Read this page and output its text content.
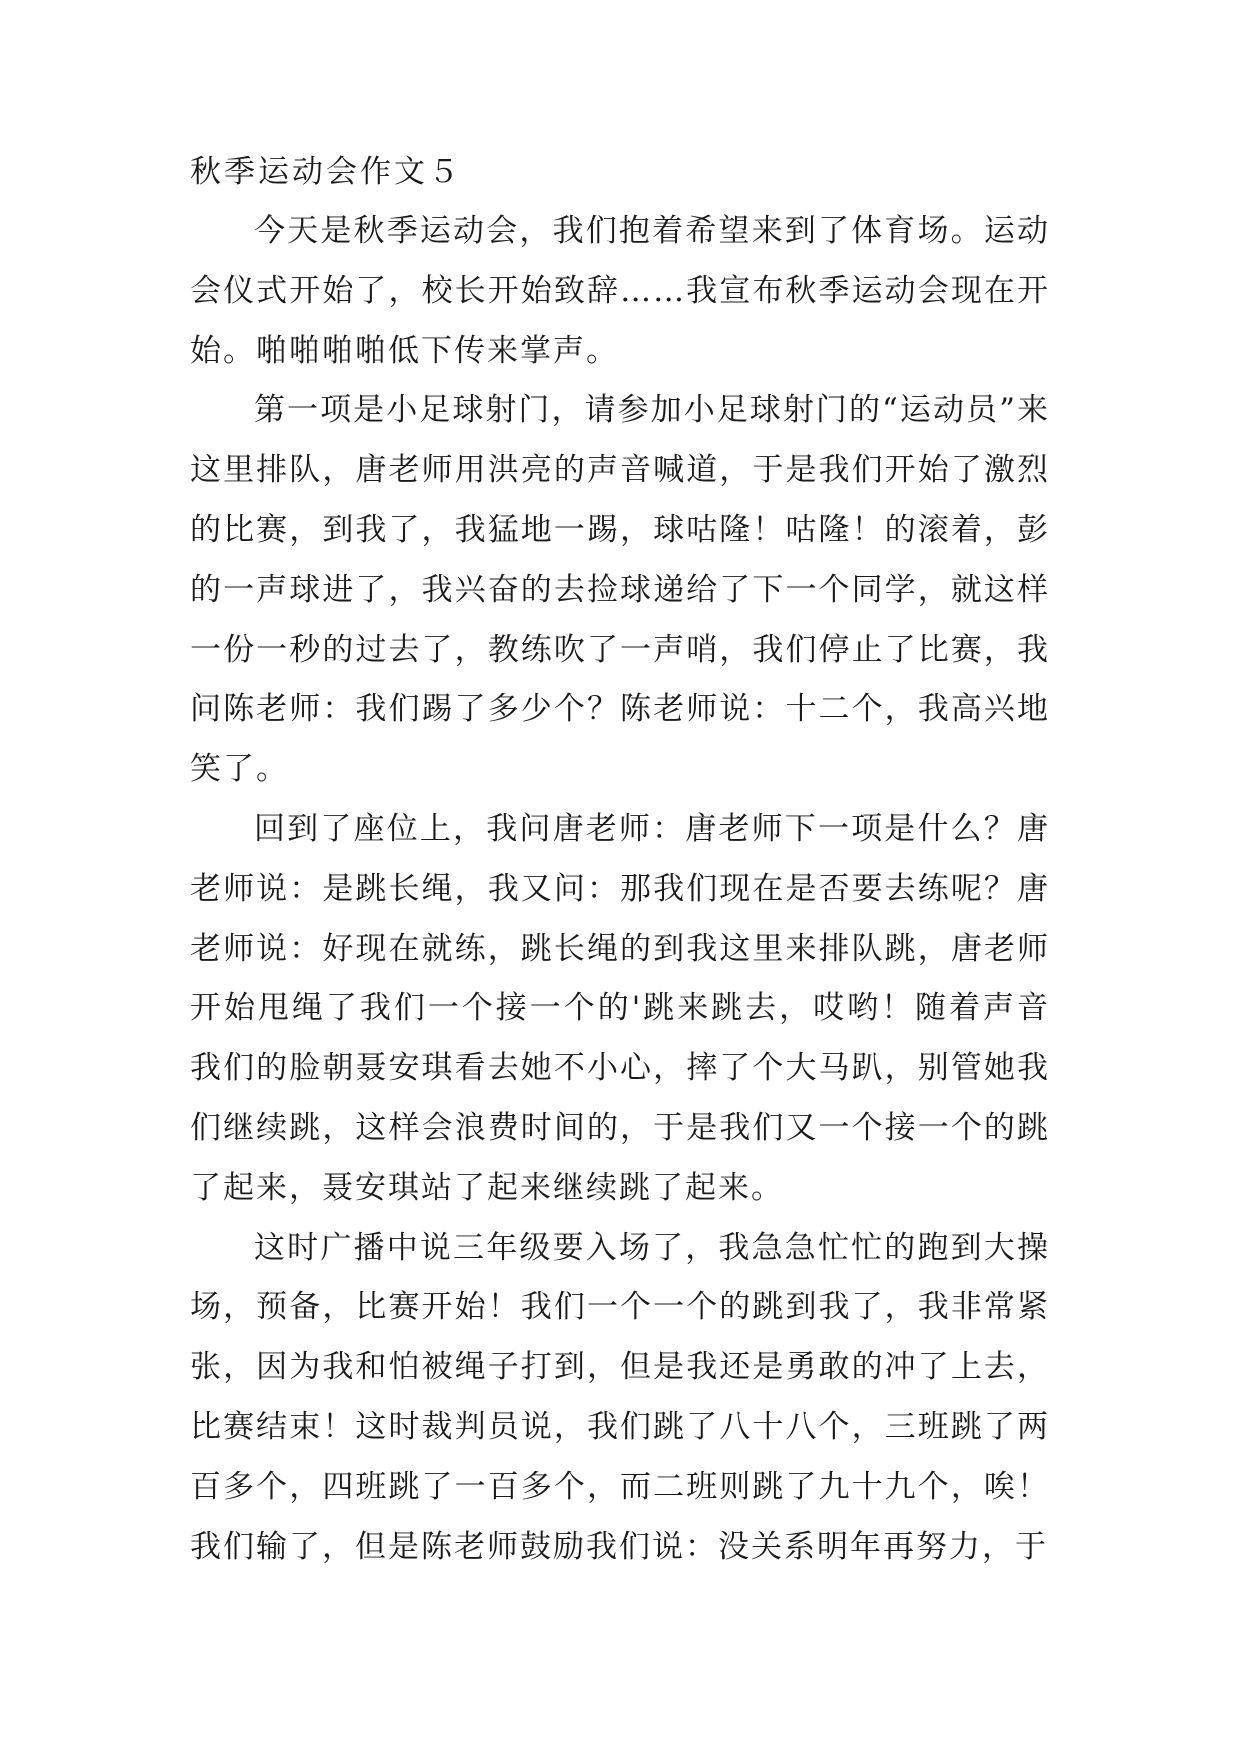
秋季运动会作文５

今天是秋季运动会，我们抱着希望来到了体育场。运动会仪式开始了，校长开始致辞……我宣布秋季运动会现在开始。啪啪啪啪低下传来掌声。

第一项是小足球射门，请参加小足球射门的“运动员”来这里排队，唐老师用洪亮的声音喊道，于是我们开始了激烈的比赛，到我了，我猛地一踢，球咕隆！咕隆！的滚着，彭的一声球进了，我兴奋的去捡球递给了下一个同学，就这样一份一秒的过去了，教练吹了一声哨，我们停止了比赛，我问陈老师：我们踢了多少个？陈老师说：十二个，我高兴地笑了。

回到了座位上，我问唐老师：唐老师下一项是什么？唐老师说：是跳长绳，我又问：那我们现在是否要去练呢？唐老师说：好现在就练，跳长绳的到我这里来排队跳，唐老师开始甩绳了我们一个接一个的'跳来跳去，哎哟！随着声音我们的脸朝聂安琪看去她不小心，摔了个大马趴，别管她我们继续跳，这样会浪费时间的，于是我们又一个接一个的跳了起来，聂安琪站了起来继续跳了起来。

这时广播中说三年级要入场了，我急急忙忙的跑到大操场，预备，比赛开始！我们一个一个的跳到我了，我非常紧张，因为我和怕被绳子打到，但是我还是勇敢的冲了上去，比赛结束！这时裁判员说，我们跳了八十八个，三班跳了两百多个，四班跳了一百多个，而二班则跳了九十九个，唉！我们输了，但是陈老师鼓励我们说：没关系明年再努力，于
